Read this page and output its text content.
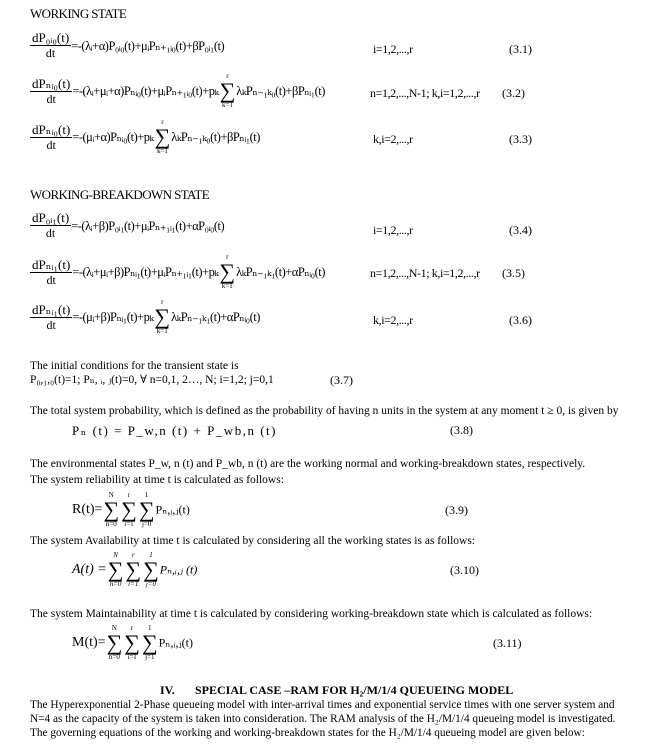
WORKING STATE
$\frac{\text{dP₀ᵢ₀(t)}}{dt}$ =-(λᵢ+α)P₀ᵢ₀(t)+μᵢPₙ₊₁ᵢ₀(t)+βP₀ᵢ₁(t)	i=1,2,...,r	(3.1)
$\frac{\text{dPₙᵢ₀(t)}}{dt}$ =-(λᵢ+μᵢ+α)Pₙᵢ₀(t)+μᵢPₙ₊₁ᵢ₀(t)+pₖ
r
∑
k=1
λₖPₙ₋₁ₖ₀(t)+βPₙᵢ₁(t)	n=1,2,...,N-1; k,i=1,2,...,r (3.2)
$\frac{\text{dPₙᵢ₀(t)}}{dt}$ =-(μᵢ+α)Pₙᵢ₀(t)+pₖ
r
∑
k=1
λₖPₙ₋₁ₖ₀(t)+βPₙᵢ₁(t)	k,i=2,...,r	(3.3)
WORKING-BREAKDOWN STATE
$\frac{\text{dP₀ᵢ₁(t)}}{dt}$ =-(λᵢ+β)P₀ᵢ₁(t)+μᵢPₙ₊₁ᵢ₁(t)+αP₀ᵢ₀(t)	i=1,2,...,r	(3.4)
$\frac{\text{dPₙᵢ₁(t)}}{dt}$ =-(λᵢ+μᵢ+β)Pₙᵢ₁(t)+μᵢPₙ₊₁ᵢ₁(t)+pₖ
r
∑
k=1
λₖPₙ₋₁ₖ₁(t)+αPₙᵢ₀(t)	n=1,2,...,N-1; k,i=1,2,...,r (3.5)
$\frac{\text{dPₙᵢ₁(t)}}{dt}$ =-(μᵢ+β)Pₙᵢ₁(t)+pₖ
r
∑
k=1
λₖPₙ₋₁ₖ₁(t)+αPₙᵢ₀(t)	k,i=2,...,r	(3.6)
The initial conditions for the transient state is
P₀,₁,₀(t)=1; Pₙ, ᵢ, ⱼ(t)=0, ∀ n=0,1, 2…, N; i=1,2; j=0,1	(3.7)
The total system probability, which is defined as the probability of having n units in the system at any moment t ≥ 0, is given by
Pₙ (t) = P_w,n (t) + P_wb,n (t)	(3.8)
The environmental states P_w, n (t) and P_wb, n (t) are the working normal and working-breakdown states, respectively.
The system reliability at time t is calculated as follows:
R(t)=
N
∑
n=0
r
∑
i=1
1
∑
j=0
Pₙ,ᵢ,ⱼ(t)	(3.9)
The system Availability at time t is calculated by considering all the working states is as follows:
A(t) =
N
∑
n=0
r
∑
i=1
1
∑
j=0
Pₙ,ᵢ,ⱼ (t)	(3.10)
The system Maintainability at time t is calculated by considering working-breakdown state which is calculated as follows:
M(t)=
N
∑
n=0
r
∑
i=1
1
∑
j=1
Pₙ,ᵢ,ⱼ(t)	(3.11)
IV. SPECIAL CASE –RAM FOR H₂/M/1/4 QUEUEING MODEL
The Hyperexponential 2-Phase queueing model with inter-arrival times and exponential service times with one server system and
N=4 as the capacity of the system is taken into consideration. The RAM analysis of the H₂/M/1/4 queueing model is investigated.
The governing equations of the working and working-breakdown states for the H₂/M/1/4 queueing model are given below:
